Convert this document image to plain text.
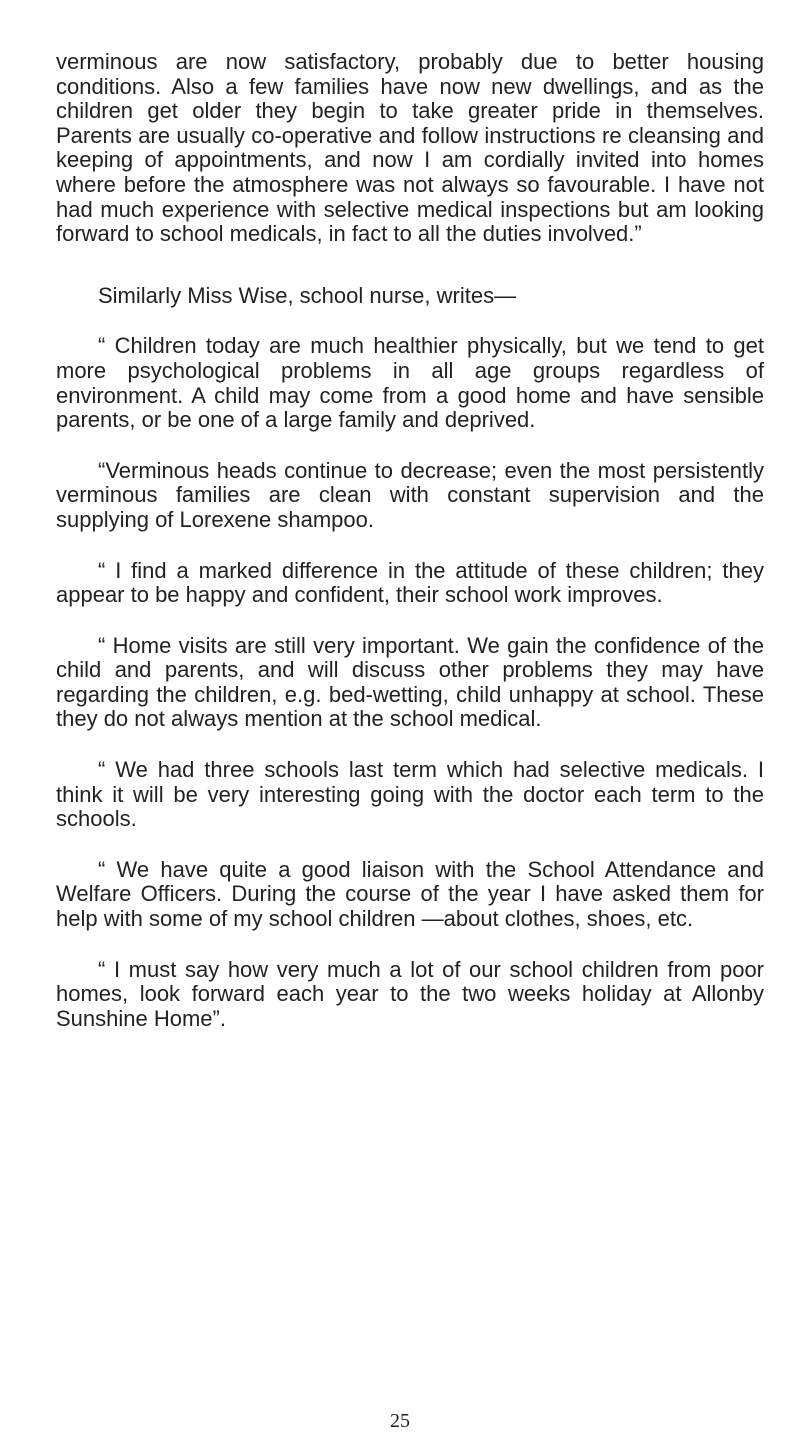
verminous are now satisfactory, probably due to better housing conditions. Also a few families have now new dwellings, and as the children get older they begin to take greater pride in themselves. Parents are usually co-operative and follow instructions re cleansing and keeping of appointments, and now I am cordially invited into homes where before the atmosphere was not always so favourable. I have not had much experience with selective medical inspections but am looking forward to school medicals, in fact to all the duties involved.”

Similarly Miss Wise, school nurse, writes—

“ Children today are much healthier physically, but we tend to get more psychological problems in all age groups regardless of environment. A child may come from a good home and have sensible parents, or be one of a large family and deprived.

“Verminous heads continue to decrease; even the most persistently verminous families are clean with constant supervision and the supplying of Lorexene shampoo.

“ I find a marked difference in the attitude of these children; they appear to be happy and confident, their school work improves.

“ Home visits are still very important. We gain the confidence of the child and parents, and will discuss other problems they may have regarding the children, e.g. bed-wetting, child unhappy at school. These they do not always mention at the school medical.

“ We had three schools last term which had selective medicals. I think it will be very interesting going with the doctor each term to the schools.

“ We have quite a good liaison with the School Attendance and Welfare Officers. During the course of the year I have asked them for help with some of my school children —about clothes, shoes, etc.

“ I must say how very much a lot of our school children from poor homes, look forward each year to the two weeks holiday at Allonby Sunshine Home”.

25
